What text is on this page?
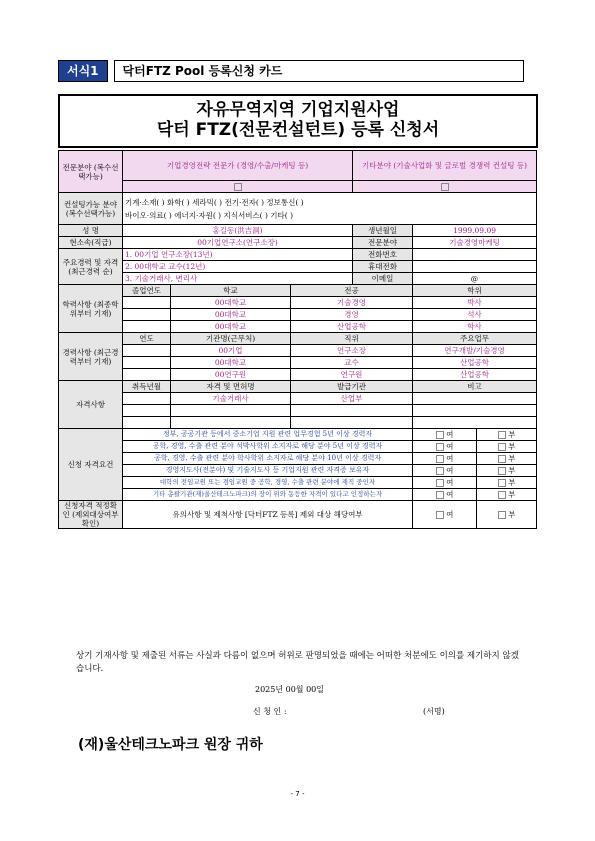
서식1	닥터FTZ Pool 등록신청 카드
자유무역지역 기업지원사업
닥터 FTZ(전문컨설턴트) 등록 신청서
전문분야 (복수선택가능)	기업경영전략 전문가 (경영/수출/마케팅 등)			기타분야 (기술사업화 및 글로벌 경쟁력 컨설팅 등)		

컨설팅가능 분야 (복수선택가능)	기계·소재( ) 화학( ) 세라믹( ) 전기·전자( ) 정보통신( )
바이오·의료( ) 에너지·자원( ) 지식서비스( ) 기타( )					

성 명	홍길동(洪吉洞)			생년월일	1999.09.09	
현소속(직급)	00기업연구소(연구소장)			전문분야	기술경영마케팅	
주요경력 및 자격 (최근경력 순)	1. 00기업 연구소장(13년)			전화번호		
	2. 00대학교 교수(12년)			휴대전화		
	3. 기술거래사, 변리사			이메일	@	
학력사항 (최종학위부터 기재)	졸업연도	학교	전공		학위	
		00대학교	기술경영		박사	
		00대학교	경영		석사	
		00대학교	산업공학		학사	
경력사항 (최근경력부터 기재)	연도	기관명(근무처)	직위		주요업무	
		00기업	연구소장		연구개발/기술경영	
		00대학교	교수		산업공학	
		00연구원	연구원		산업공학	
자격사항	취득년월	자격 및 면허명	발급기관		비고	
		기술거래사	산업부			

신청 자격요건	정부, 공공기관 등에서 중소기업 지원 관련 업무경험 5년 이상 경력자				여	부
	공학, 경영, 수출 관련 분야 석박사학위 소지자로 해당 분야 5년 이상 경력자				여	부
	공학, 경영, 수출 관련 분야 학사학위 소지자로 해당 분야 10년 이상 경력자				여	부
	경영지도사(전분야) 및 기술지도사 등 기업지원 관련 자격증 보유자				여	부
	대학의 전임교원 또는 겸임교원 중 공학, 경영, 수출 관련 분야에 재직 중인자				여	부
	기타 총괄기관(재)울산테크노파크)의 장이 위와 동등한 자격이 있다고 인정하는자				여	부
신청자격 적정확인 (제외대상여부확인)	유의사항 및 제척사항 [닥터FTZ 등록] 제외 대상 해당여부				여	부
상기 기재사항 및 제출된 서류는 사실과 다름이 없으며 허위로 판명되었을 때에는 어떠한 처분에도 이의를 제기하지 않겠습니다.
2025년 00월 00일
신 청 인 :	(서명)
(재)울산테크노파크 원장 귀하
- 7 -
